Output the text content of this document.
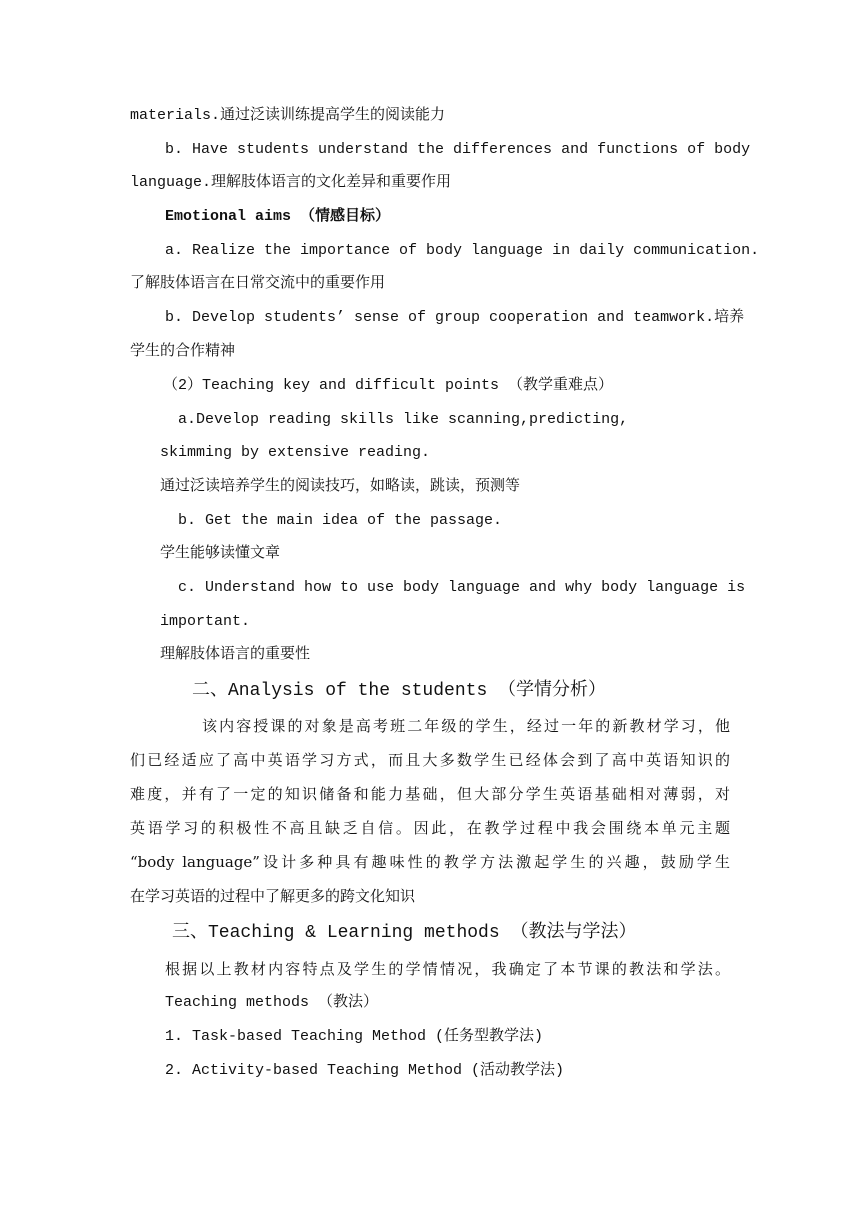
materials.通过泛读训练提高学生的阅读能力
b. Have students understand the differences and functions of body
language.理解肢体语言的文化差异和重要作用
Emotional aims （情感目标）
a. Realize the importance of body language in daily communication.
了解肢体语言在日常交流中的重要作用
b. Develop students’ sense of group cooperation and teamwork.培养
学生的合作精神
（2）Teaching key and difficult points （教学重难点）
a.Develop reading skills like scanning,predicting,
skimming by extensive reading.
通过泛读培养学生的阅读技巧，如略读，跳读，预测等
b. Get the main idea of the passage.
学生能够读懂文章
c. Understand how to use body language and why body language is
important.
理解肢体语言的重要性
二、Analysis of the students （学情分析）
该内容授课的对象是高考班二年级的学生，经过一年的新教材学习，他
们已经适应了高中英语学习方式，而且大多数学生已经体会到了高中英语知识的
难度，并有了一定的知识储备和能力基础，但大部分学生英语基础相对薄弱，对
英语学习的积极性不高且缺乏自信。因此，在教学过程中我会围绕本单元主题
“body language”设计多种具有趣味性的教学方法激起学生的兴趣，鼓励学生
在学习英语的过程中了解更多的跨文化知识
三、Teaching & Learning methods （教法与学法）
根据以上教材内容特点及学生的学情情况，我确定了本节课的教法和学法。
Teaching methods （教法）
1. Task-based Teaching Method (任务型教学法)
2. Activity-based Teaching Method (活动教学法)
